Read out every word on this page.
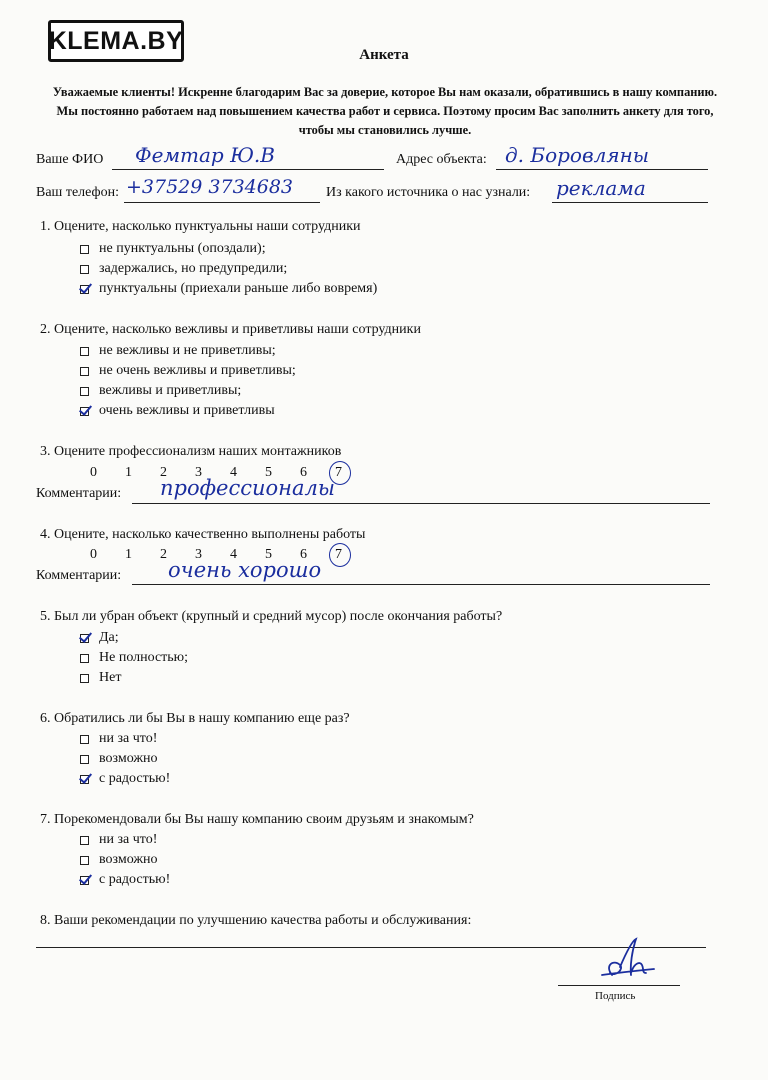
KLEMA.BY
Анкета
Уважаемые клиенты! Искренне благодарим Вас за доверие, которое Вы нам оказали, обратившись в нашу компанию. Мы постоянно работаем над повышением качества работ и сервиса. Поэтому просим Вас заполнить анкету для того, чтобы мы становились лучше.
Ваше ФИО Фемтар Ю.В	Адрес объекта: д. Боровляны
Ваш телефон: +37529 3734683 Из какого источника о нас узнали: реклама
1. Оцените, насколько пунктуальны наши сотрудники
не пунктуальны (опоздали);
задержались, но предупредили;
пунктуальны (приехали раньше либо вовремя)
2. Оцените, насколько вежливы и приветливы наши сотрудники
не вежливы и не приветливы;
не очень вежливы и приветливы;
вежливы и приветливы;
очень вежливы и приветливы
3. Оцените профессионализм наших монтажников
0	1	2	3	4	5	6	7
Комментарии: профессионалы
4. Оцените, насколько качественно выполнены работы
0	1	2	3	4	5	6	7
Комментарии: очень хорошо
5. Был ли убран объект (крупный и средний мусор) после окончания работы?
Да;
Не полностью;
Нет
6. Обратились ли бы Вы в нашу компанию еще раз?
ни за что!
возможно
с радостью!
7. Порекомендовали бы Вы нашу компанию своим друзьям и знакомым?
ни за что!
возможно
с радостью!
8. Ваши рекомендации по улучшению качества работы и обслуживания:
Подпись
